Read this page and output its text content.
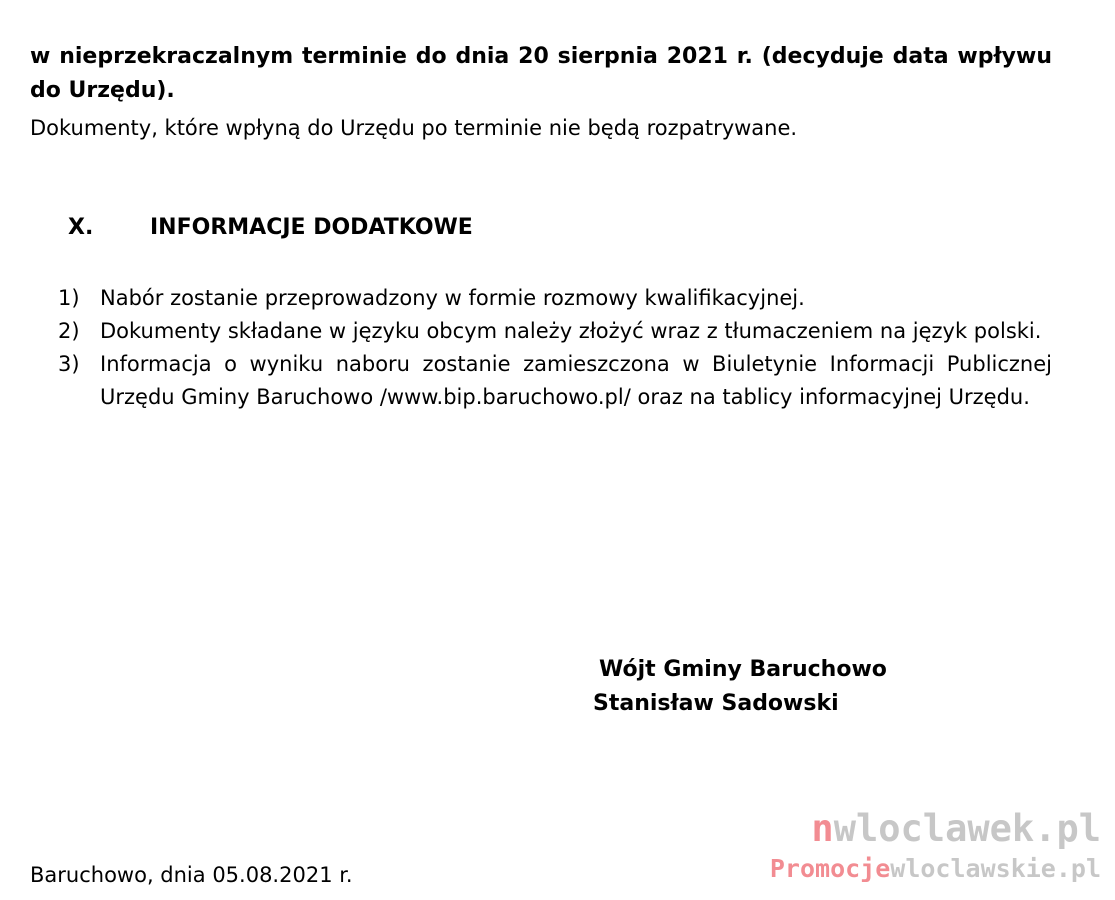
w nieprzekraczalnym terminie do dnia 20 sierpnia 2021 r. (decyduje data wpływu do Urzędu).

Dokumenty, które wpłyną do Urzędu po terminie nie będą rozpatrywane.

X.	INFORMACJE DODATKOWE
1) Nabór zostanie przeprowadzony w formie rozmowy kwalifikacyjnej.
2) Dokumenty składane w języku obcym należy złożyć wraz z tłumaczeniem na język polski.
3) Informacja o wyniku naboru zostanie zamieszczona w Biuletynie Informacji Publicznej Urzędu Gminy Baruchowo /www.bip.baruchowo.pl/ oraz na tablicy informacyjnej Urzędu.
Wójt Gminy Baruchowo
Stanisław Sadowski

Baruchowo, dnia 05.08.2021 r.

nwloclawek.pl
Promocjewloclawskie.pl
